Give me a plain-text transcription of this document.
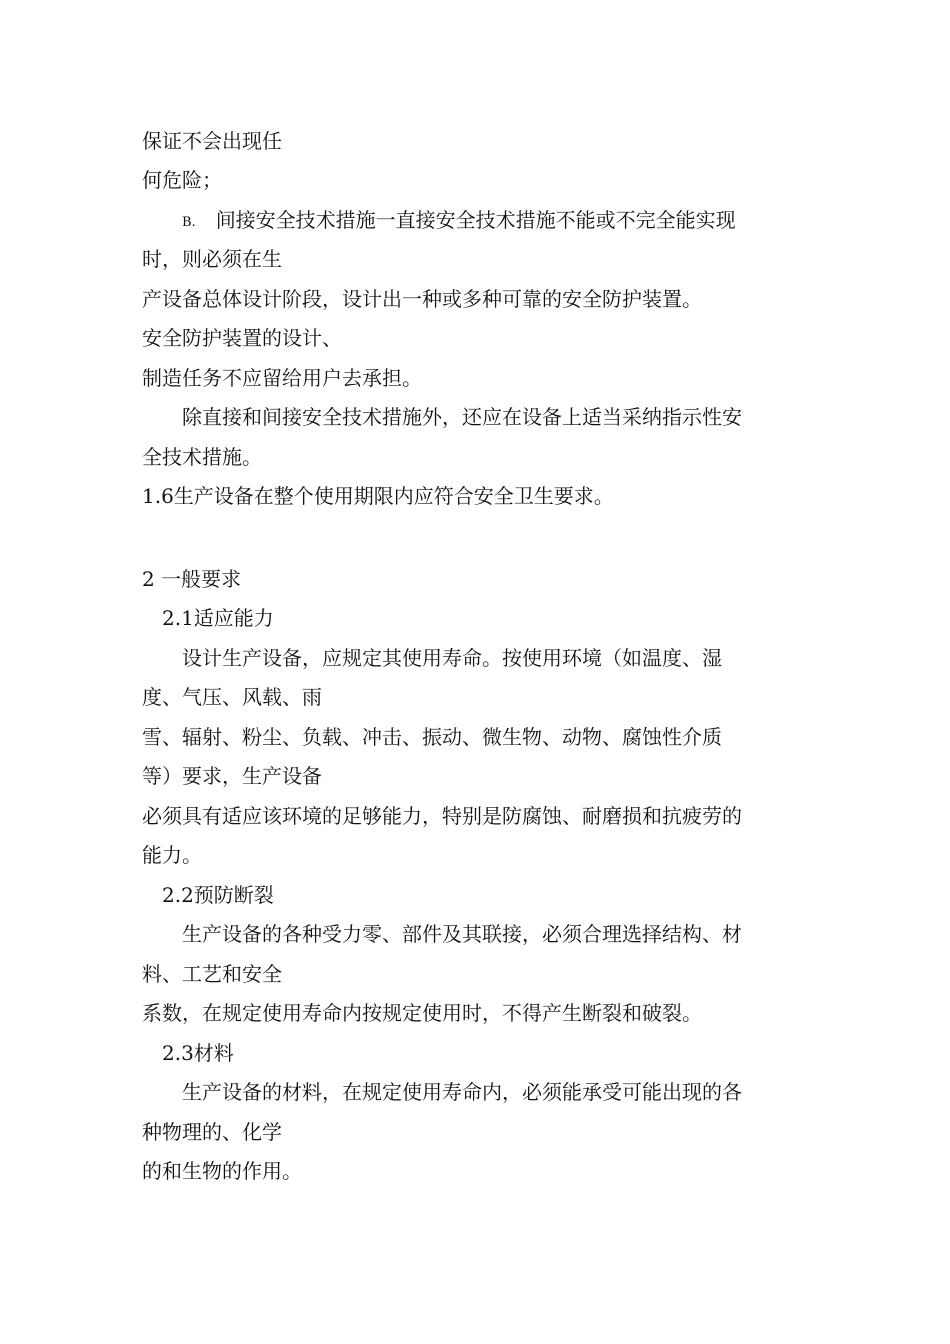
保证不会出现任

何危险；

B. 间接安全技术措施一直接安全技术措施不能或不完全能实现

时，则必须在生

产设备总体设计阶段，设计出一种或多种可靠的安全防护装置。

安全防护装置的设计、

制造任务不应留给用户去承担。

除直接和间接安全技术措施外，还应在设备上适当采纳指示性安

全技术措施。

1.6生产设备在整个使用期限内应符合安全卫生要求。

2 一般要求

2.1适应能力

设计生产设备，应规定其使用寿命。按使用环境（如温度、湿

度、气压、风载、雨

雪、辐射、粉尘、负载、冲击、振动、微生物、动物、腐蚀性介质

等）要求，生产设备

必须具有适应该环境的足够能力，特别是防腐蚀、耐磨损和抗疲劳的

能力。

2.2预防断裂

生产设备的各种受力零、部件及其联接，必须合理选择结构、材

料、工艺和安全

系数，在规定使用寿命内按规定使用时，不得产生断裂和破裂。

2.3材料

生产设备的材料，在规定使用寿命内，必须能承受可能出现的各

种物理的、化学

的和生物的作用。
